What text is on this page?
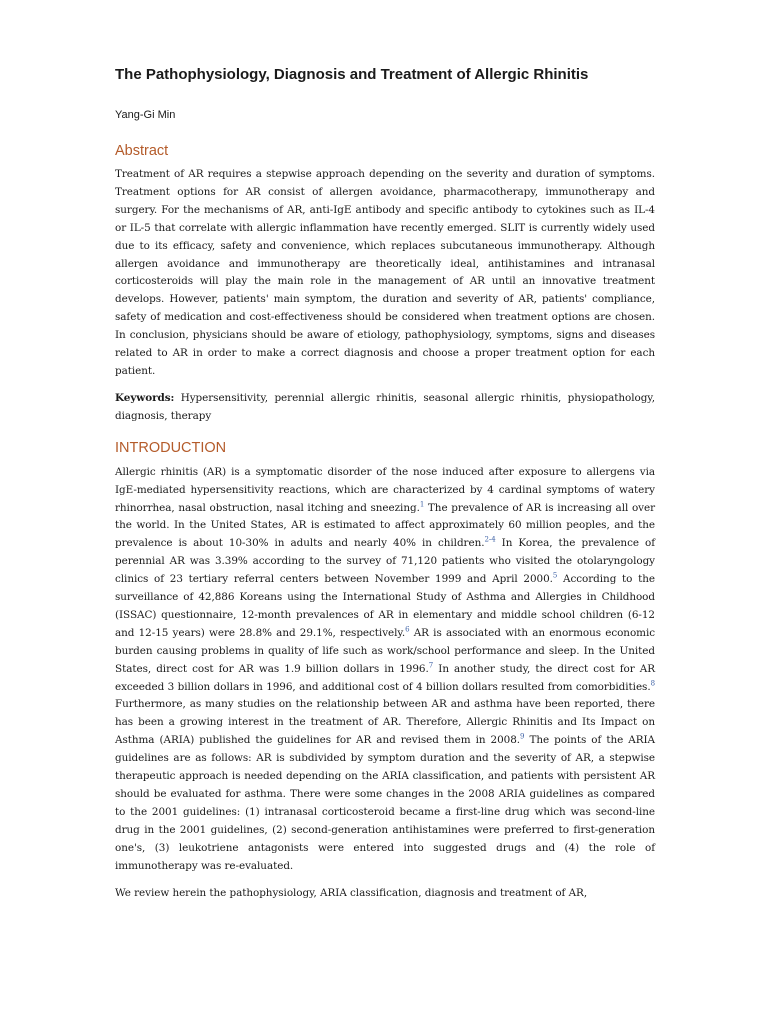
The Pathophysiology, Diagnosis and Treatment of Allergic Rhinitis
Yang-Gi Min
Abstract

Treatment of AR requires a stepwise approach depending on the severity and duration of symptoms. Treatment options for AR consist of allergen avoidance, pharmacotherapy, immunotherapy and surgery. For the mechanisms of AR, anti-IgE antibody and specific antibody to cytokines such as IL-4 or IL-5 that correlate with allergic inflammation have recently emerged. SLIT is currently widely used due to its efficacy, safety and convenience, which replaces subcutaneous immunotherapy. Although allergen avoidance and immunotherapy are theoretically ideal, antihistamines and intranasal corticosteroids will play the main role in the management of AR until an innovative treatment develops. However, patients' main symptom, the duration and severity of AR, patients' compliance, safety of medication and cost-effectiveness should be considered when treatment options are chosen. In conclusion, physicians should be aware of etiology, pathophysiology, symptoms, signs and diseases related to AR in order to make a correct diagnosis and choose a proper treatment option for each patient.

Keywords: Hypersensitivity, perennial allergic rhinitis, seasonal allergic rhinitis, physiopathology, diagnosis, therapy

INTRODUCTION

Allergic rhinitis (AR) is a symptomatic disorder of the nose induced after exposure to allergens via IgE-mediated hypersensitivity reactions, which are characterized by 4 cardinal symptoms of watery rhinorrhea, nasal obstruction, nasal itching and sneezing.$^1$ The prevalence of AR is increasing all over the world. In the United States, AR is estimated to affect approximately 60 million peoples, and the prevalence is about 10-30% in adults and nearly 40% in children.$^{2-4}$ In Korea, the prevalence of perennial AR was 3.39% according to the survey of 71,120 patients who visited the otolaryngology clinics of 23 tertiary referral centers between November 1999 and April 2000.$^5$ According to the surveillance of 42,886 Koreans using the International Study of Asthma and Allergies in Childhood (ISSAC) questionnaire, 12-month prevalences of AR in elementary and middle school children (6-12 and 12-15 years) were 28.8% and 29.1%, respectively.$^6$ AR is associated with an enormous economic burden causing problems in quality of life such as work/school performance and sleep. In the United States, direct cost for AR was 1.9 billion dollars in 1996.$^7$ In another study, the direct cost for AR exceeded 3 billion dollars in 1996, and additional cost of 4 billion dollars resulted from comorbidities.$^8$ Furthermore, as many studies on the relationship between AR and asthma have been reported, there has been a growing interest in the treatment of AR. Therefore, Allergic Rhinitis and Its Impact on Asthma (ARIA) published the guidelines for AR and revised them in 2008.$^9$ The points of the ARIA guidelines are as follows: AR is subdivided by symptom duration and the severity of AR, a stepwise therapeutic approach is needed depending on the ARIA classification, and patients with persistent AR should be evaluated for asthma. There were some changes in the 2008 ARIA guidelines as compared to the 2001 guidelines: (1) intranasal corticosteroid became a first-line drug which was second-line drug in the 2001 guidelines, (2) second-generation antihistamines were preferred to first-generation one's, (3) leukotriene antagonists were entered into suggested drugs and (4) the role of immunotherapy was re-evaluated.

We review herein the pathophysiology, ARIA classification, diagnosis and treatment of AR,
